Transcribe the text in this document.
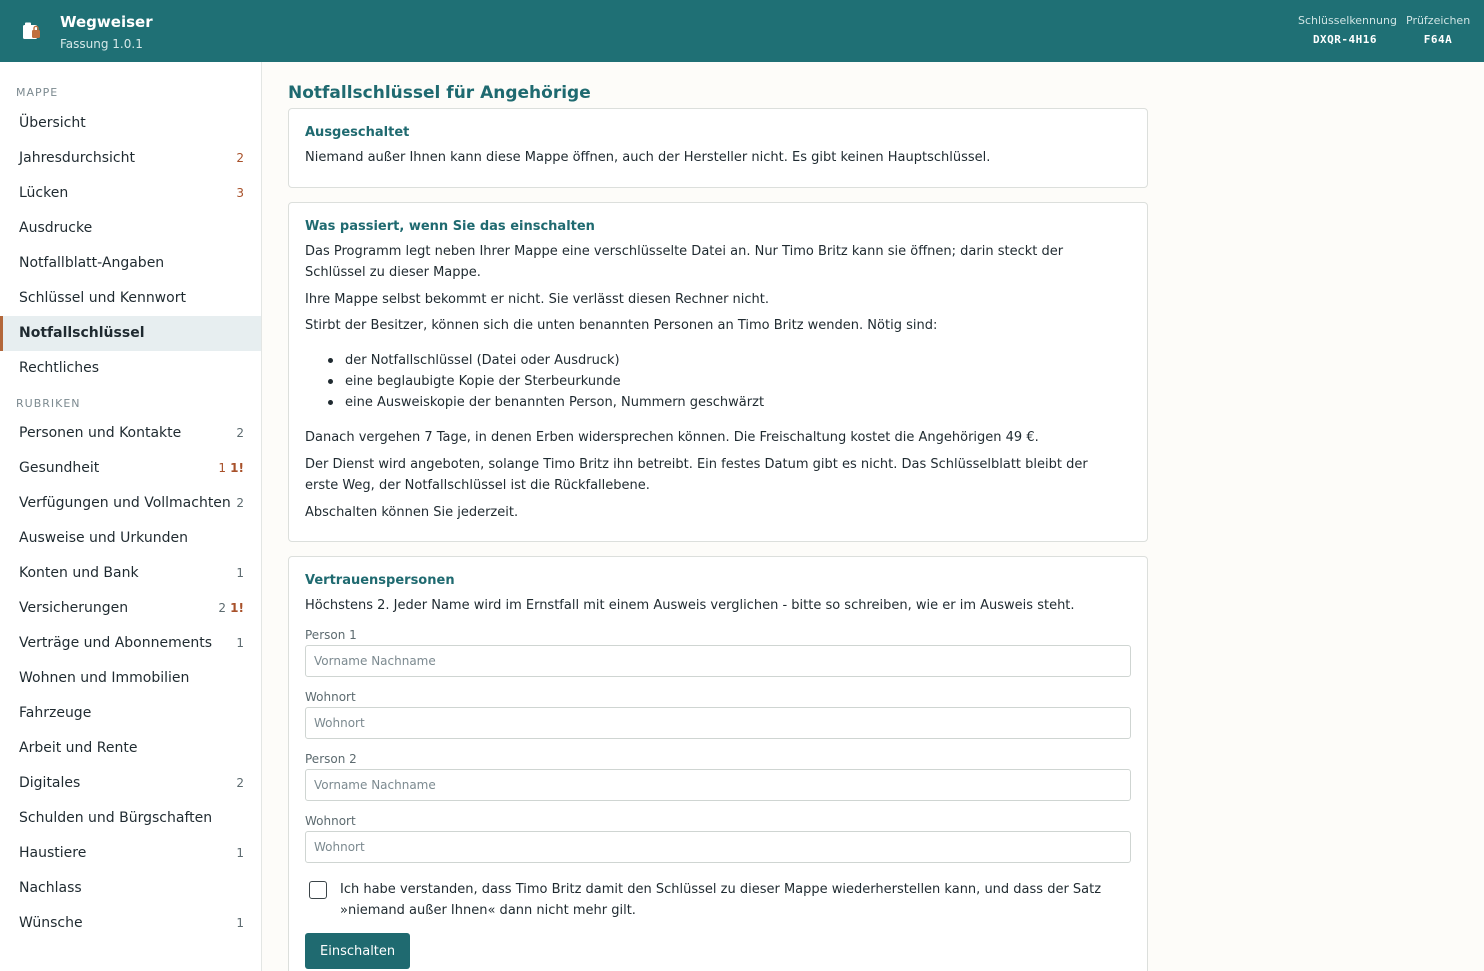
Wegweiser
Fassung 1.0.1
Schlüsselkennung
DXQR-4H16
Prüfzeichen
F64A
MAPPE
Übersicht
Jahresdurchsicht	2
Lücken	3
Ausdrucke
Notfallblatt-Angaben
Schlüssel und Kennwort
Notfallschlüssel
Rechtliches
RUBRIKEN
Personen und Kontakte	2
Gesundheit	1 1!
Verfügungen und Vollmachten 2
Ausweise und Urkunden
Konten und Bank	1
Versicherungen	2 1!
Verträge und Abonnements 1
Wohnen und Immobilien
Fahrzeuge
Arbeit und Rente
Digitales	2
Schulden und Bürgschaften
Haustiere	1
Nachlass
Wünsche	1
Notfallschlüssel für Angehörige
Ausgeschaltet
Niemand außer Ihnen kann diese Mappe öffnen, auch der Hersteller nicht. Es gibt keinen Hauptschlüssel.
Was passiert, wenn Sie das einschalten
Das Programm legt neben Ihrer Mappe eine verschlüsselte Datei an. Nur Timo Britz kann sie öffnen; darin steckt der Schlüssel zu dieser Mappe.
Ihre Mappe selbst bekommt er nicht. Sie verlässt diesen Rechner nicht.
Stirbt der Besitzer, können sich die unten benannten Personen an Timo Britz wenden. Nötig sind:
der Notfallschlüssel (Datei oder Ausdruck)
eine beglaubigte Kopie der Sterbeurkunde
eine Ausweiskopie der benannten Person, Nummern geschwärzt
Danach vergehen 7 Tage, in denen Erben widersprechen können. Die Freischaltung kostet die Angehörigen 49 €.
Der Dienst wird angeboten, solange Timo Britz ihn betreibt. Ein festes Datum gibt es nicht. Das Schlüsselblatt bleibt der erste Weg, der Notfallschlüssel ist die Rückfallebene.
Abschalten können Sie jederzeit.
Vertrauenspersonen
Höchstens 2. Jeder Name wird im Ernstfall mit einem Ausweis verglichen - bitte so schreiben, wie er im Ausweis steht.
Person 1
Vorname Nachname
Wohnort
Wohnort
Person 2
Vorname Nachname
Wohnort
Wohnort
Ich habe verstanden, dass Timo Britz damit den Schlüssel zu dieser Mappe wiederherstellen kann, und dass der Satz »niemand außer Ihnen« dann nicht mehr gilt.
Einschalten
